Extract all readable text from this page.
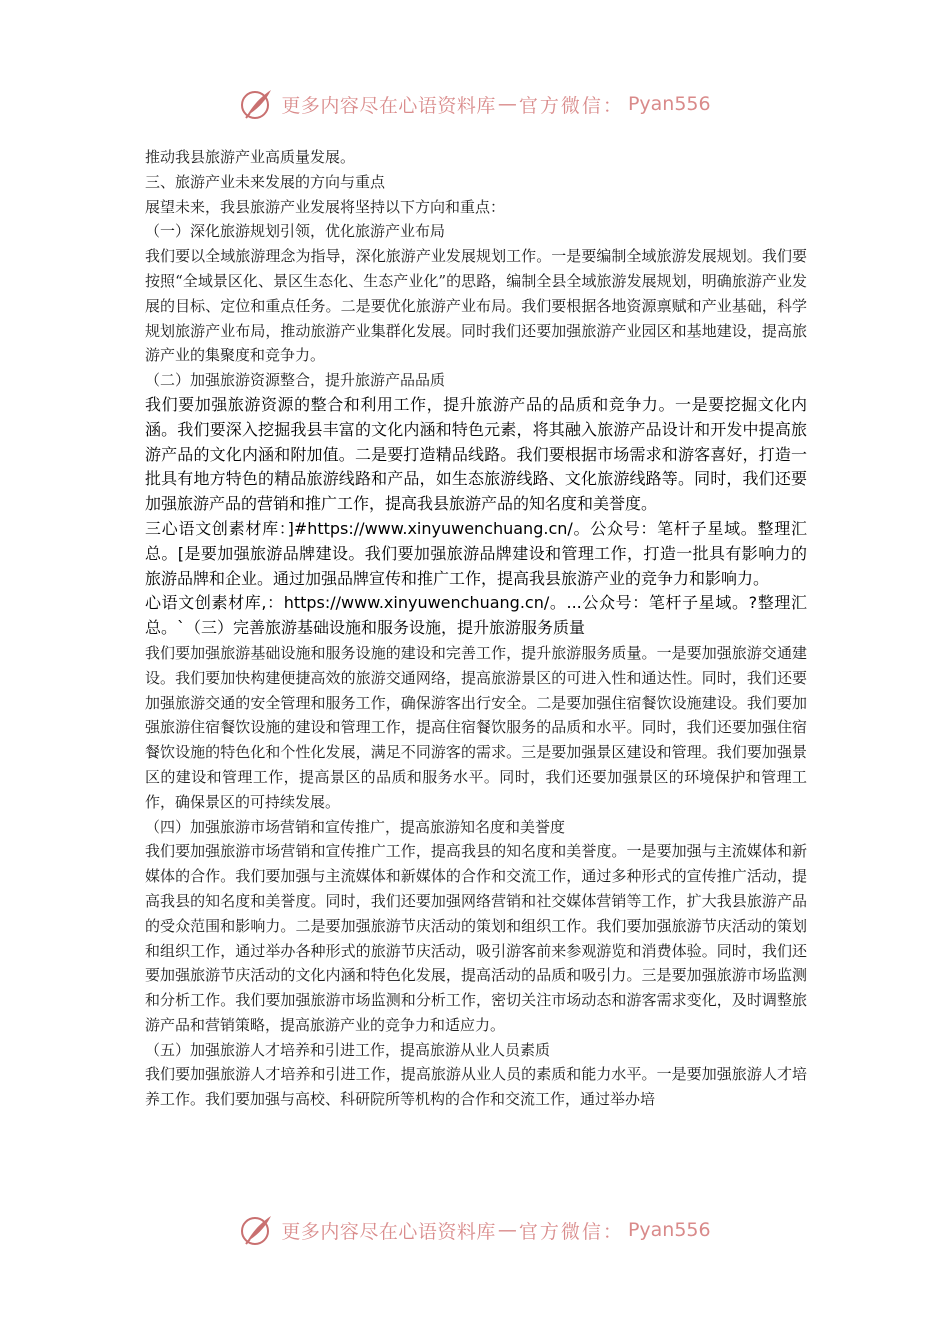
更多内容尽在心语资料库 — 官方微信： Pyan556

推动我县旅游产业高质量发展。

三、旅游产业未来发展的方向与重点

展望未来，我县旅游产业发展将坚持以下方向和重点：

（一）深化旅游规划引领，优化旅游产业布局

我们要以全域旅游理念为指导，深化旅游产业发展规划工作。一是要编制全域旅游发展规划。我们要按照“全域景区化、景区生态化、生态产业化”的思路，编制全县全域旅游发展规划，明确旅游产业发展的目标、定位和重点任务。二是要优化旅游产业布局。我们要根据各地资源禀赋和产业基础，科学规划旅游产业布局，推动旅游产业集群化发展。同时我们还要加强旅游产业园区和基地建设，提高旅游产业的集聚度和竞争力。

（二）加强旅游资源整合，提升旅游产品品质

我们要加强旅游资源的整合和利用工作，提升旅游产品的品质和竞争力。一是要挖掘文化内涵。我们要深入挖掘我县丰富的文化内涵和特色元素，将其融入旅游产品设计和开发中提高旅游产品的文化内涵和附加值。二是要打造精品线路。我们要根据市场需求和游客喜好，打造一批具有地方特色的精品旅游线路和产品，如生态旅游线路、文化旅游线路等。同时，我们还要加强旅游产品的营销和推广工作，提高我县旅游产品的知名度和美誉度。

三心语文创素材库：]#https://www.xinyuwenchuang.cn/。公众号：笔杆子星域。整理汇总。[是要加强旅游品牌建设。我们要加强旅游品牌建设和管理工作，打造一批具有影响力的旅游品牌和企业。通过加强品牌宣传和推广工作，提高我县旅游产业的竞争力和影响力。

心语文创素材库,：https://www.xinyuwenchuang.cn/。...公众号：笔杆子星域。?整理汇总。`（三）完善旅游基础设施和服务设施，提升旅游服务质量

我们要加强旅游基础设施和服务设施的建设和完善工作，提升旅游服务质量。一是要加强旅游交通建设。我们要加快构建便捷高效的旅游交通网络，提高旅游景区的可进入性和通达性。同时，我们还要加强旅游交通的安全管理和服务工作，确保游客出行安全。二是要加强住宿餐饮设施建设。我们要加强旅游住宿餐饮设施的建设和管理工作，提高住宿餐饮服务的品质和水平。同时，我们还要加强住宿餐饮设施的特色化和个性化发展，满足不同游客的需求。三是要加强景区建设和管理。我们要加强景区的建设和管理工作，提高景区的品质和服务水平。同时，我们还要加强景区的环境保护和管理工作，确保景区的可持续发展。

（四）加强旅游市场营销和宣传推广，提高旅游知名度和美誉度

我们要加强旅游市场营销和宣传推广工作，提高我县的知名度和美誉度。一是要加强与主流媒体和新媒体的合作。我们要加强与主流媒体和新媒体的合作和交流工作，通过多种形式的宣传推广活动，提高我县的知名度和美誉度。同时，我们还要加强网络营销和社交媒体营销等工作，扩大我县旅游产品的受众范围和影响力。二是要加强旅游节庆活动的策划和组织工作。我们要加强旅游节庆活动的策划和组织工作，通过举办各种形式的旅游节庆活动，吸引游客前来参观游览和消费体验。同时，我们还要加强旅游节庆活动的文化内涵和特色化发展，提高活动的品质和吸引力。三是要加强旅游市场监测和分析工作。我们要加强旅游市场监测和分析工作，密切关注市场动态和游客需求变化，及时调整旅游产品和营销策略，提高旅游产业的竞争力和适应力。

（五）加强旅游人才培养和引进工作，提高旅游从业人员素质

我们要加强旅游人才培养和引进工作，提高旅游从业人员的素质和能力水平。一是要加强旅游人才培养工作。我们要加强与高校、科研院所等机构的合作和交流工作，通过举办培

更多内容尽在心语资料库 — 官方微信： Pyan556
